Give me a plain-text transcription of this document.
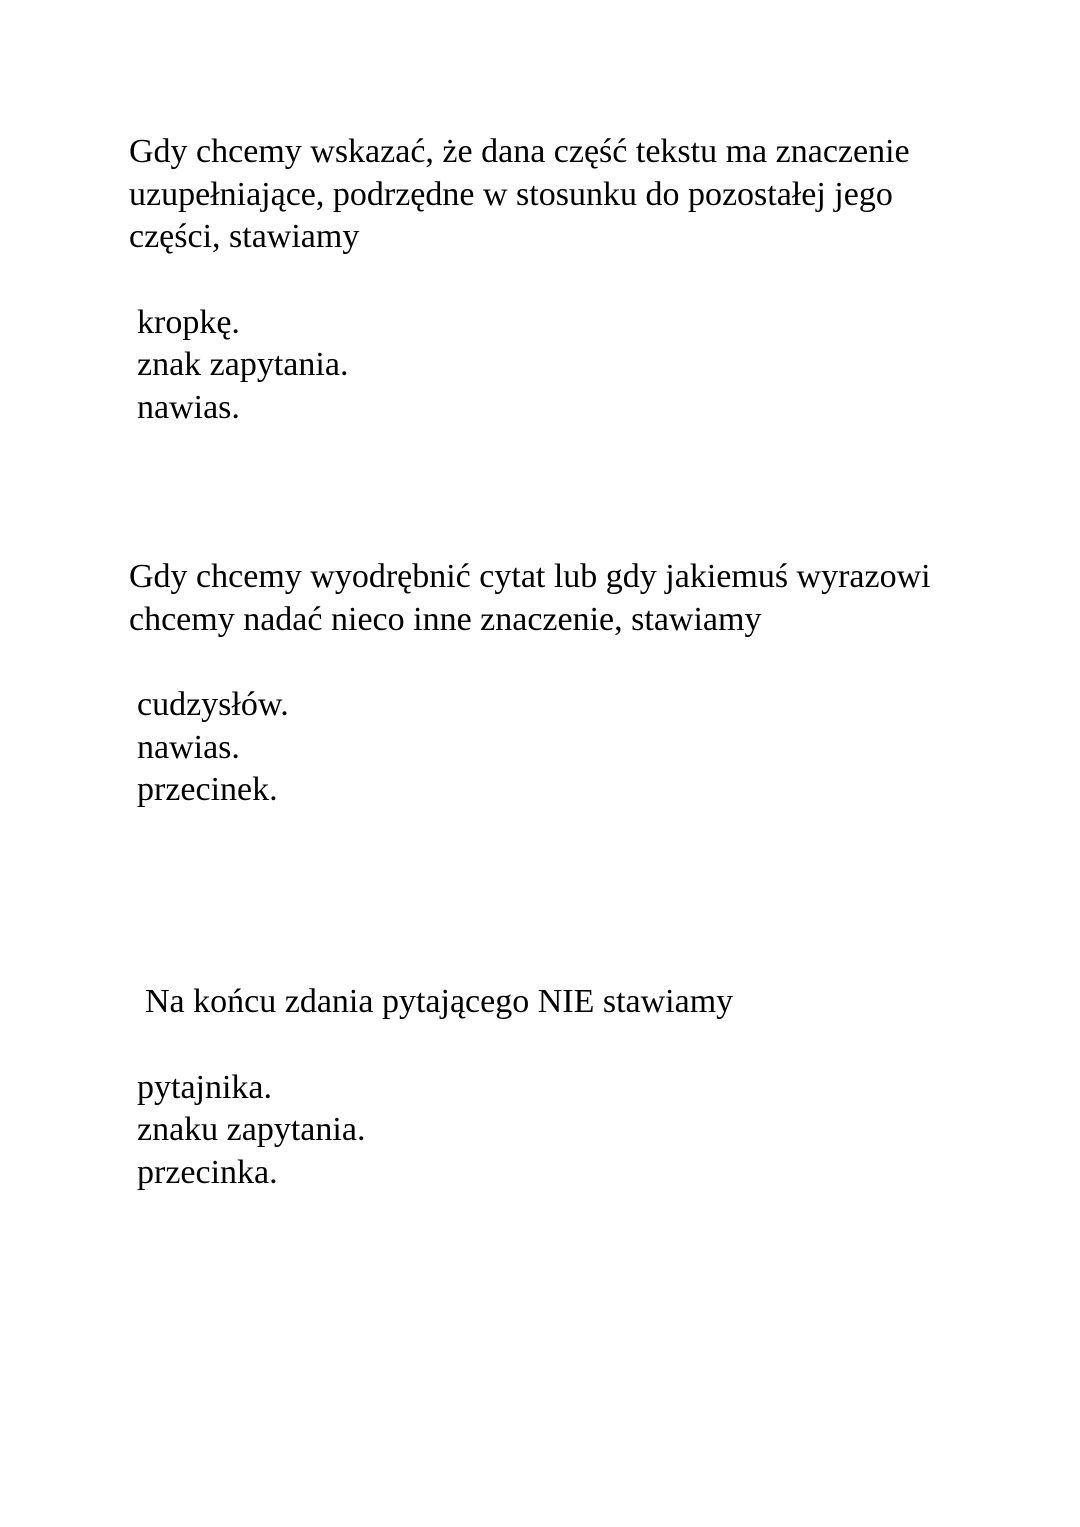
Gdy chcemy wskazać, że dana część tekstu ma znaczenie uzupełniające, podrzędne w stosunku do pozostałej jego części, stawiamy

kropkę.
znak zapytania.
nawias.

Gdy chcemy wyodrębnić cytat lub gdy jakiemuś wyrazowi chcemy nadać nieco inne znaczenie, stawiamy

cudzysłów.
nawias.
przecinek.

Na końcu zdania pytającego NIE stawiamy

pytajnika.
znaku zapytania.
przecinka.
